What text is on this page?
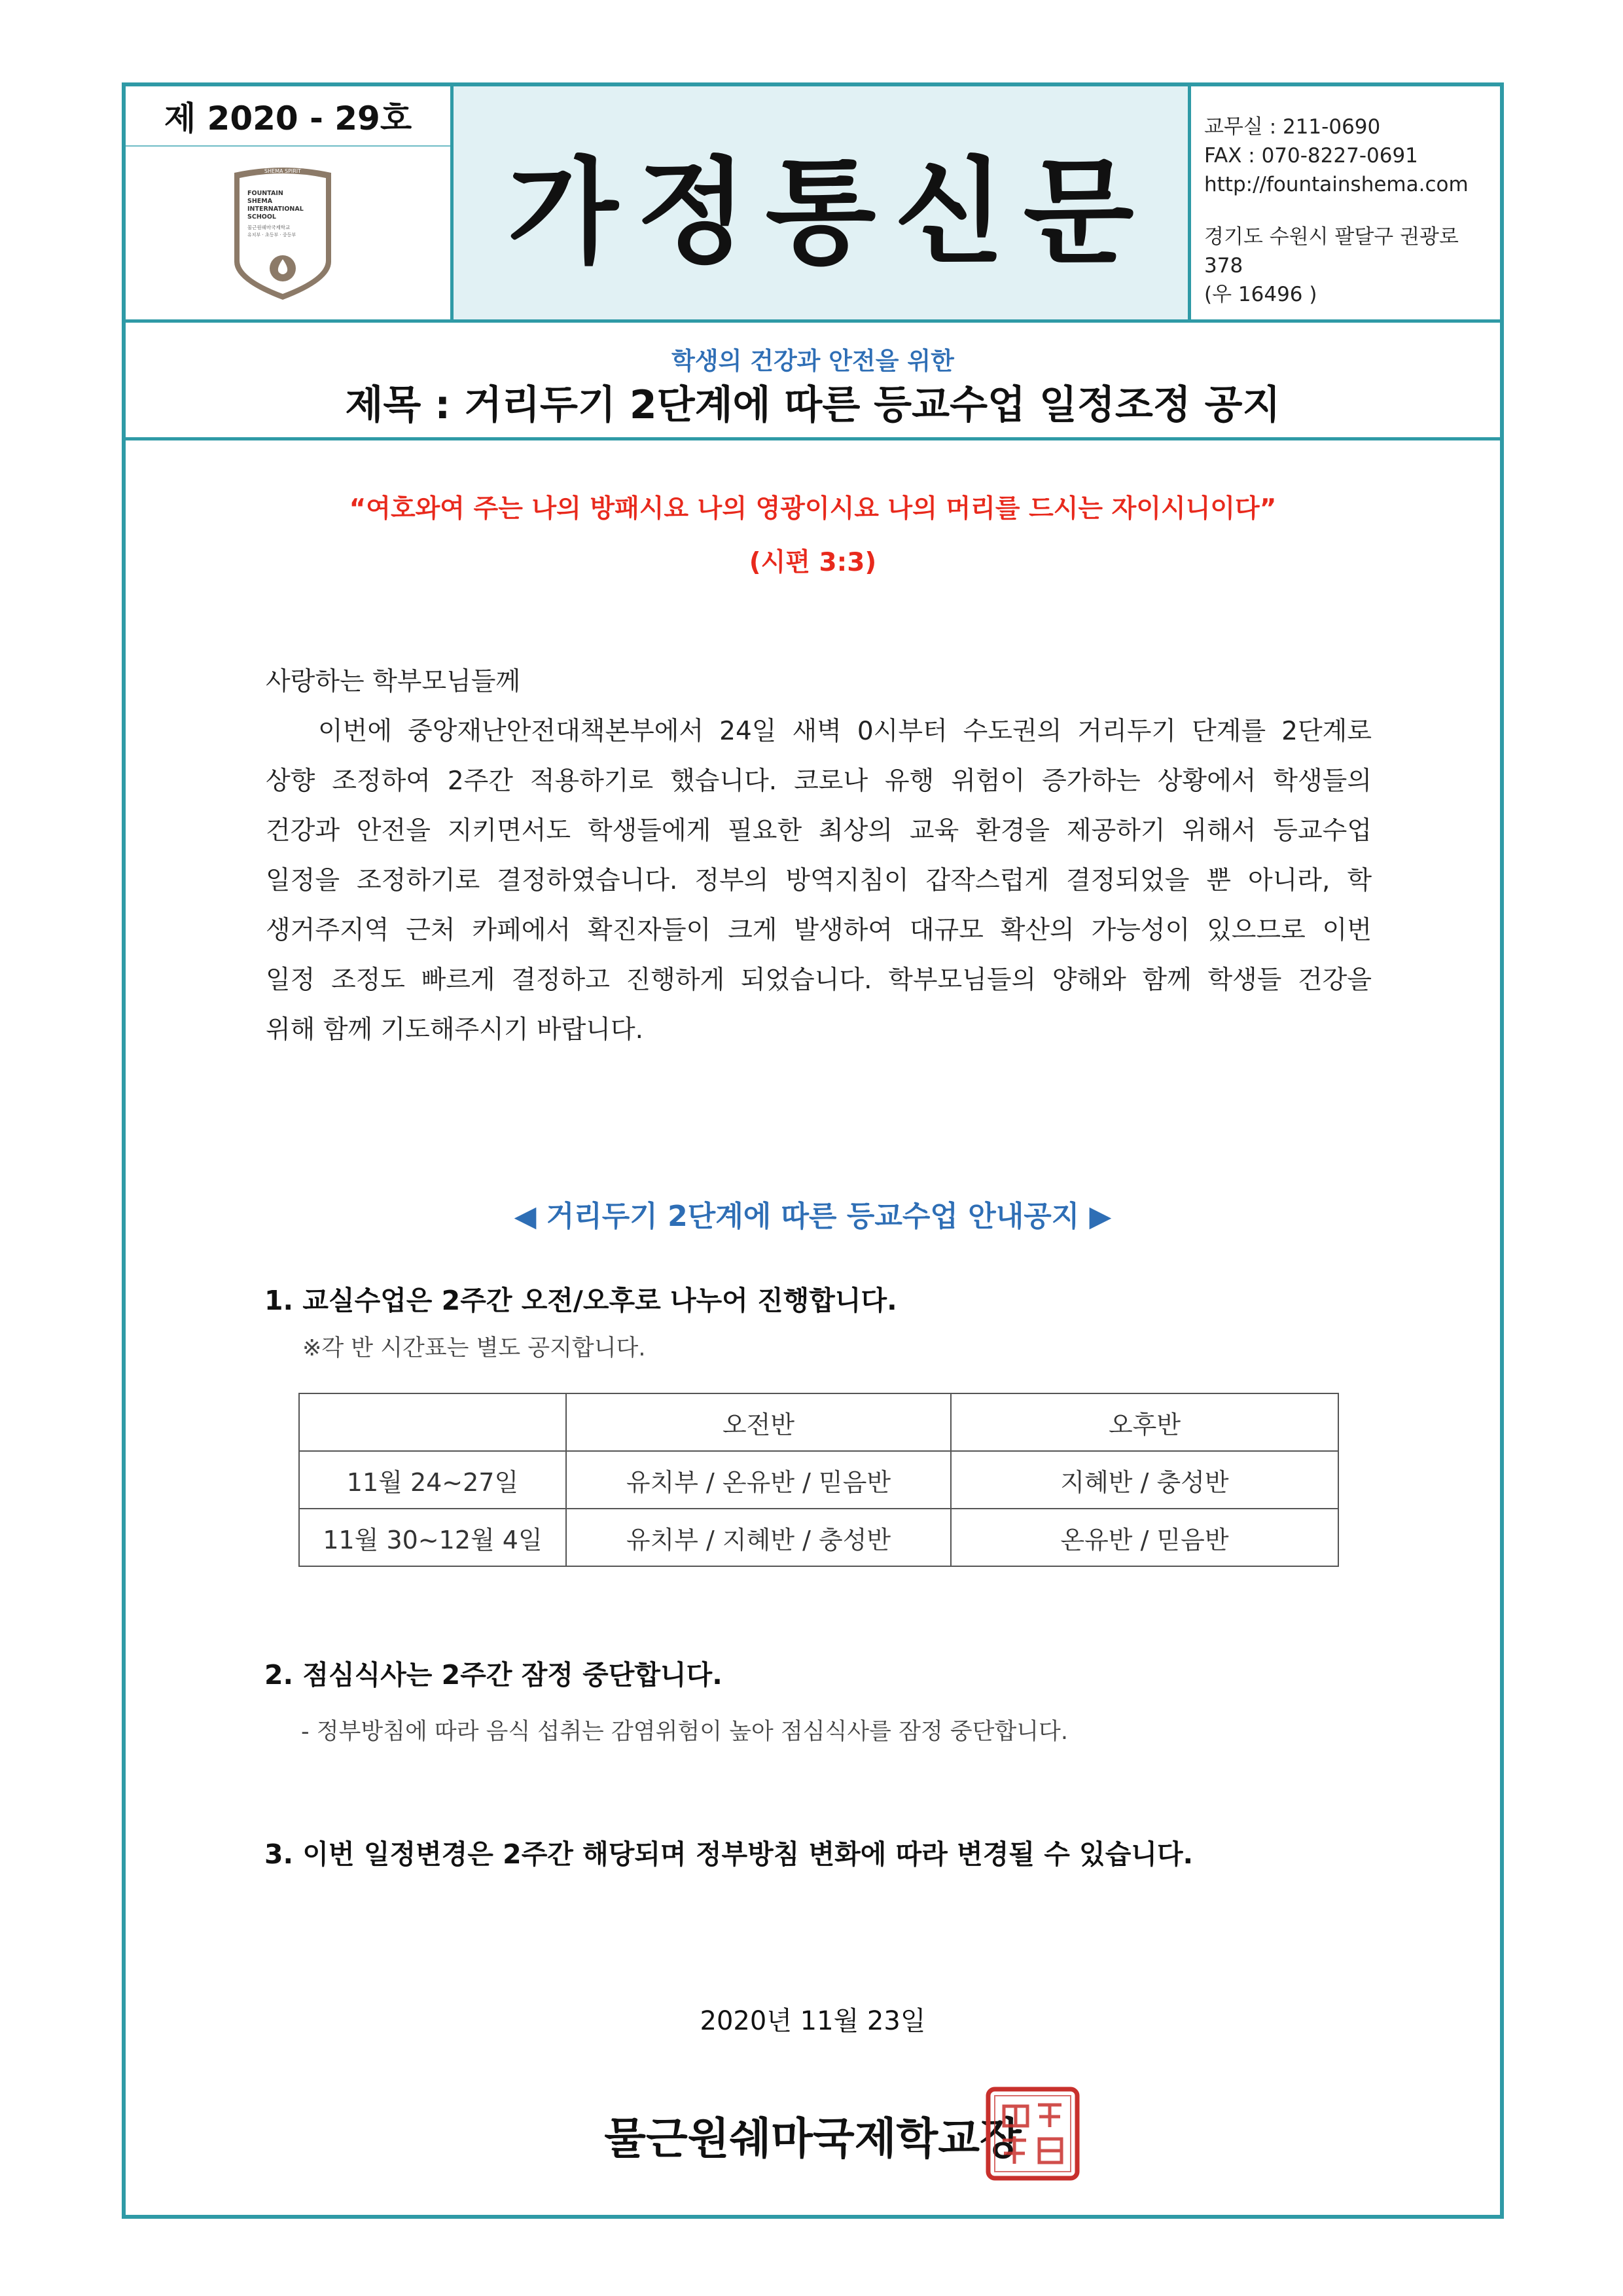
제 2020 - 29호
SHEMA SPIRIT
FOUNTAIN
SHEMA
INTERNATIONAL
SCHOOL
물근원쉐마국제학교
유치부 · 초등부 · 중등부 가정통신문
교무실 : 211-0690
FAX : 070-8227-0691
http://fountainshema.com
경기도 수원시 팔달구 권광로 378
(우 16496 )
학생의 건강과 안전을 위한
제목 : 거리두기 2단계에 따른 등교수업 일정조정 공지
“여호와여 주는 나의 방패시요 나의 영광이시요 나의 머리를 드시는 자이시니이다”
(시편 3:3)
사랑하는 학부모님들께
이번에 중앙재난안전대책본부에서 24일 새벽 0시부터 수도권의 거리두기 단계를 2단계로
상향 조정하여 2주간 적용하기로 했습니다. 코로나 유행 위험이 증가하는 상황에서 학생들의
건강과 안전을 지키면서도 학생들에게 필요한 최상의 교육 환경을 제공하기 위해서 등교수업
일정을 조정하기로 결정하였습니다. 정부의 방역지침이 갑작스럽게 결정되었을 뿐 아니라, 학
생거주지역 근처 카페에서 확진자들이 크게 발생하여 대규모 확산의 가능성이 있으므로 이번
일정 조정도 빠르게 결정하고 진행하게 되었습니다. 학부모님들의 양해와 함께 학생들 건강을
위해 함께 기도해주시기 바랍니다.
◀ 거리두기 2단계에 따른 등교수업 안내공지 ▶
1. 교실수업은 2주간 오전/오후로 나누어 진행합니다.
※각 반 시간표는 별도 공지합니다.
	오전반	오후반
11월 24~27일	유치부 / 온유반 / 믿음반	지혜반 / 충성반
11월 30~12월 4일	유치부 / 지혜반 / 충성반	온유반 / 믿음반
2. 점심식사는 2주간 잠정 중단합니다.
- 정부방침에 따라 음식 섭취는 감염위험이 높아 점심식사를 잠정 중단합니다.
3. 이번 일정변경은 2주간 해당되며 정부방침 변화에 따라 변경될 수 있습니다.
2020년 11월 23일
물근원쉐마국제학교장
